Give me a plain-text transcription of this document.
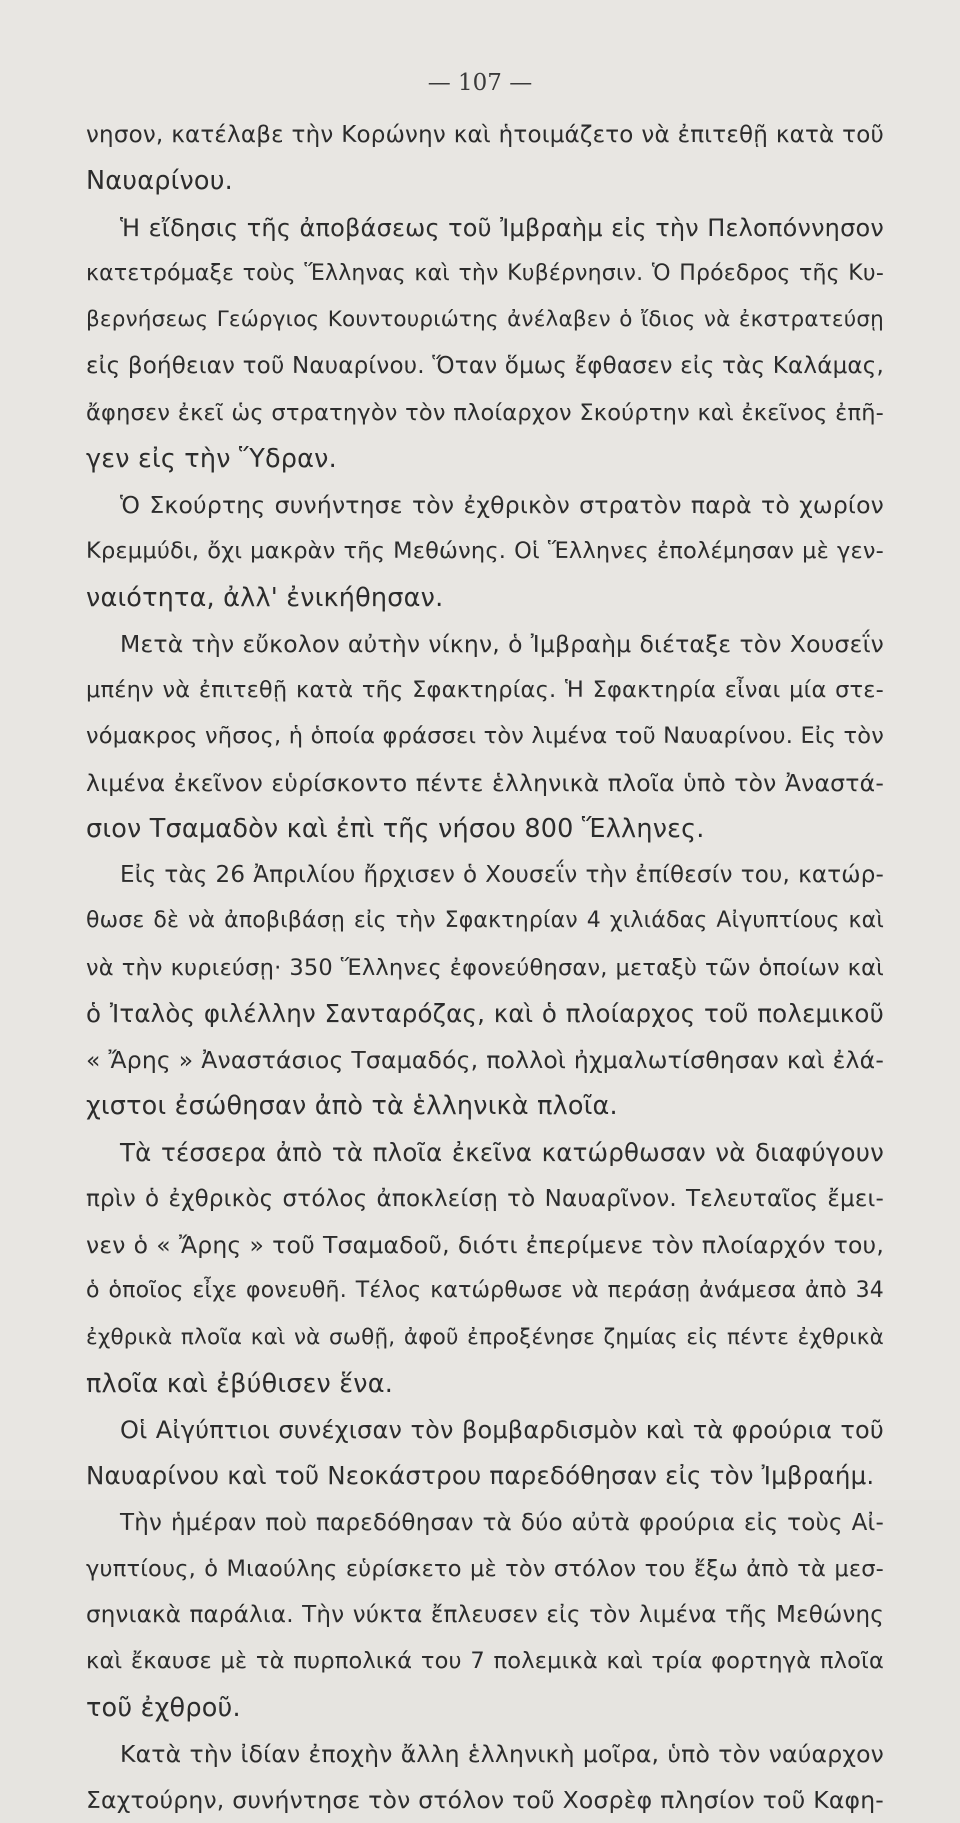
— 107 —
νησον, κατέλαβε τὴν Κορώνην καὶ ἡτοιμάζετο νὰ ἐπιτεθῇ κατὰ τοῦ
Ναυαρίνου.
Ἡ εἴδησις τῆς ἀποβάσεως τοῦ Ἰμβραὴμ εἰς τὴν Πελοπόννησον
κατετρόμαξε τοὺς Ἕλληνας καὶ τὴν Κυβέρνησιν. Ὁ Πρόεδρος τῆς Κυ-
βερνήσεως Γεώργιος Κουντουριώτης ἀνέλαβεν ὁ ἴδιος νὰ ἐκστρατεύσῃ
εἰς βοήθειαν τοῦ Ναυαρίνου. Ὅταν ὅμως ἔφθασεν εἰς τὰς Καλάμας,
ἄφησεν ἐκεῖ ὡς στρατηγὸν τὸν πλοίαρχον Σκούρτην καὶ ἐκεῖνος ἐπῆ-
γεν εἰς τὴν Ὕδραν.
Ὁ Σκούρτης συνήντησε τὸν ἐχθρικὸν στρατὸν παρὰ τὸ χωρίον
Κρεμμύδι, ὄχι μακρὰν τῆς Μεθώνης. Οἱ Ἕλληνες ἐπολέμησαν μὲ γεν-
ναιότητα, ἀλλ' ἐνικήθησαν.
Μετὰ τὴν εὔκολον αὐτὴν νίκην, ὁ Ἰμβραὴμ διέταξε τὸν Χουσεΐν
μπέην νὰ ἐπιτεθῇ κατὰ τῆς Σφακτηρίας. Ἡ Σφακτηρία εἶναι μία στε-
νόμακρος νῆσος, ἡ ὁποία φράσσει τὸν λιμένα τοῦ Ναυαρίνου. Εἰς τὸν
λιμένα ἐκεῖνον εὑρίσκοντο πέντε ἑλληνικὰ πλοῖα ὑπὸ τὸν Ἀναστά-
σιον Τσαμαδὸν καὶ ἐπὶ τῆς νήσου 800 Ἕλληνες.
Εἰς τὰς 26 Ἀπριλίου ἤρχισεν ὁ Χουσεΐν τὴν ἐπίθεσίν του, κατώρ-
θωσε δὲ νὰ ἀποβιβάσῃ εἰς τὴν Σφακτηρίαν 4 χιλιάδας Αἰγυπτίους καὶ
νὰ τὴν κυριεύσῃ· 350 Ἕλληνες ἐφονεύθησαν, μεταξὺ τῶν ὁποίων καὶ
ὁ Ἰταλὸς φιλέλλην Σανταρόζας, καὶ ὁ πλοίαρχος τοῦ πολεμικοῦ
« Ἄρης » Ἀναστάσιος Τσαμαδός, πολλοὶ ἠχμαλωτίσθησαν καὶ ἐλά-
χιστοι ἐσώθησαν ἀπὸ τὰ ἑλληνικὰ πλοῖα.
Τὰ τέσσερα ἀπὸ τὰ πλοῖα ἐκεῖνα κατώρθωσαν νὰ διαφύγουν
πρὶν ὁ ἐχθρικὸς στόλος ἀποκλείσῃ τὸ Ναυαρῖνον. Τελευταῖος ἔμει-
νεν ὁ « Ἄρης » τοῦ Τσαμαδοῦ, διότι ἐπερίμενε τὸν πλοίαρχόν του,
ὁ ὁποῖος εἶχε φονευθῆ. Τέλος κατώρθωσε νὰ περάσῃ ἀνάμεσα ἀπὸ 34
ἐχθρικὰ πλοῖα καὶ νὰ σωθῇ, ἀφοῦ ἐπροξένησε ζημίας εἰς πέντε ἐχθρικὰ
πλοῖα καὶ ἐβύθισεν ἕνα.
Οἱ Αἰγύπτιοι συνέχισαν τὸν βομβαρδισμὸν καὶ τὰ φρούρια τοῦ
Ναυαρίνου καὶ τοῦ Νεοκάστρου παρεδόθησαν εἰς τὸν Ἰμβραήμ.
Τὴν ἡμέραν ποὺ παρεδόθησαν τὰ δύο αὐτὰ φρούρια εἰς τοὺς Αἰ-
γυπτίους, ὁ Μιαούλης εὑρίσκετο μὲ τὸν στόλον του ἔξω ἀπὸ τὰ μεσ-
σηνιακὰ παράλια. Τὴν νύκτα ἔπλευσεν εἰς τὸν λιμένα τῆς Μεθώνης
καὶ ἔκαυσε μὲ τὰ πυρπολικά του 7 πολεμικὰ καὶ τρία φορτηγὰ πλοῖα
τοῦ ἐχθροῦ.
Κατὰ τὴν ἰδίαν ἐποχὴν ἄλλη ἑλληνικὴ μοῖρα, ὑπὸ τὸν ναύαρχον
Σαχτούρην, συνήντησε τὸν στόλον τοῦ Χοσρὲφ πλησίον τοῦ Καφη-
